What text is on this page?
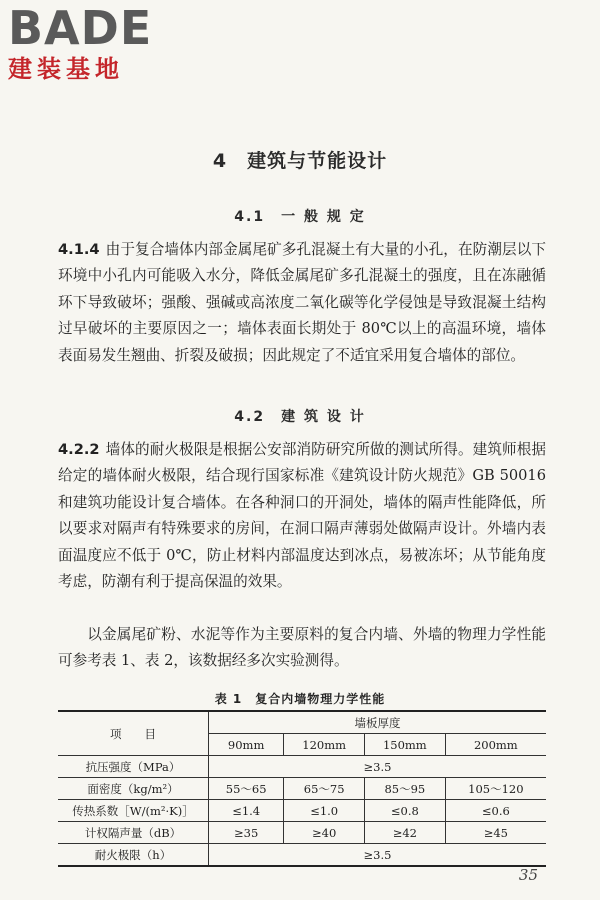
BADE
建装基地
4　建筑与节能设计
4.1　一 般 规 定

4.1.4 由于复合墙体内部金属尾矿多孔混凝土有大量的小孔，在防潮层以下环境中小孔内可能吸入水分，降低金属尾矿多孔混凝土的强度，且在冻融循环下导致破坏；强酸、强碱或高浓度二氧化碳等化学侵蚀是导致混凝土结构过早破坏的主要原因之一；墙体表面长期处于 80℃以上的高温环境，墙体表面易发生翘曲、折裂及破损；因此规定了不适宜采用复合墙体的部位。

4.2　建 筑 设 计

4.2.2 墙体的耐火极限是根据公安部消防研究所做的测试所得。建筑师根据给定的墙体耐火极限，结合现行国家标准《建筑设计防火规范》GB 50016 和建筑功能设计复合墙体。在各种洞口的开洞处，墙体的隔声性能降低，所以要求对隔声有特殊要求的房间，在洞口隔声薄弱处做隔声设计。外墙内表面温度应不低于 0℃，防止材料内部温度达到冰点，易被冻坏；从节能角度考虑，防潮有利于提高保温的效果。

以金属尾矿粉、水泥等作为主要原料的复合内墙、外墙的物理力学性能可参考表 1、表 2，该数据经多次实验测得。

表 1　复合内墙物理力学性能
项　　目	墙板厚度			
	90mm	120mm	150mm	200mm
抗压强度（MPa）	≥3.5			
面密度（kg/m²）	55～65	65～75	85～95	105～120
传热系数［W/(m²·K)］	≤1.4	≤1.0	≤0.8	≤0.6
计权隔声量（dB）	≥35	≥40	≥42	≥45
耐火极限（h）	≥3.5			
35
